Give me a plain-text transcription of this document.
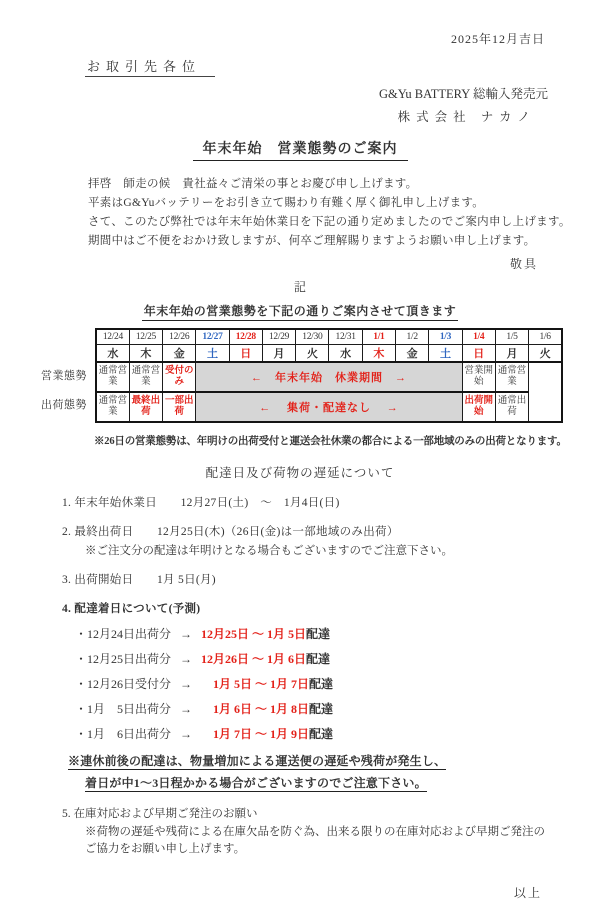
2025年12月吉日
お取引先各位
G&Yu BATTERY 総輸入発売元
株式会社 ナカノ
年末年始　営業態勢のご案内
拝啓　師走の候　貴社益々ご清栄の事とお慶び申し上げます。
平素はG&Yuバッテリーをお引き立て賜わり有難く厚く御礼申し上げます。
さて、このたび弊社では年末年始休業日を下記の通り定めましたのでご案内申し上げます。
期間中はご不便をおかけ致しますが、何卒ご理解賜りますようお願い申し上げます。
敬具
記
年末年始の営業態勢を下記の通りご案内させて頂きます
営業態勢
出荷態勢
12/24	12/25	12/26	12/27	12/28	12/29	12/30	12/31	1/1	1/2	1/3	1/4	1/5	1/6
水	木	金	土	日	月	火	水	木	金	土	日	月	火
通常営業	通常営業	受付のみ	←　年末年始　休業期間　→								営業開始	通常営業	
通常営業	最終出荷	一部出荷	←　 集荷・配達なし 　→								出荷開始	通常出荷	
※26日の営業態勢は、年明けの出荷受付と運送会社休業の都合による一部地域のみの出荷となります。
配達日及び荷物の遅延について
1. 年末年始休業日　　12月27日(土)　～　1月4日(日)
2. 最終出荷日　　12月25日(木)（26日(金)は一部地域のみ出荷）
※ご注文分の配達は年明けとなる場合もございますのでご注意下さい。
3. 出荷開始日　　1月 5日(月)
4. 配達着日について(予測)
・12月24日出荷分 → 12月25日 ～ 1月 5日配達
・12月25日出荷分 → 12月26日 ～ 1月 6日配達
・12月26日受付分 →　1月 5日 ～ 1月 7日配達
・1月　5日出荷分 →　1月 6日 ～ 1月 8日配達
・1月　6日出荷分 →　1月 7日 ～ 1月 9日配達
※連休前後の配達は、物量増加による運送便の遅延や残荷が発生し、
着日が中1～3日程かかる場合がございますのでご注意下さい。
5. 在庫対応および早期ご発注のお願い
※荷物の遅延や残荷による在庫欠品を防ぐ為、出来る限りの在庫対応および早期ご発注の
ご協力をお願い申し上げます。
以上
